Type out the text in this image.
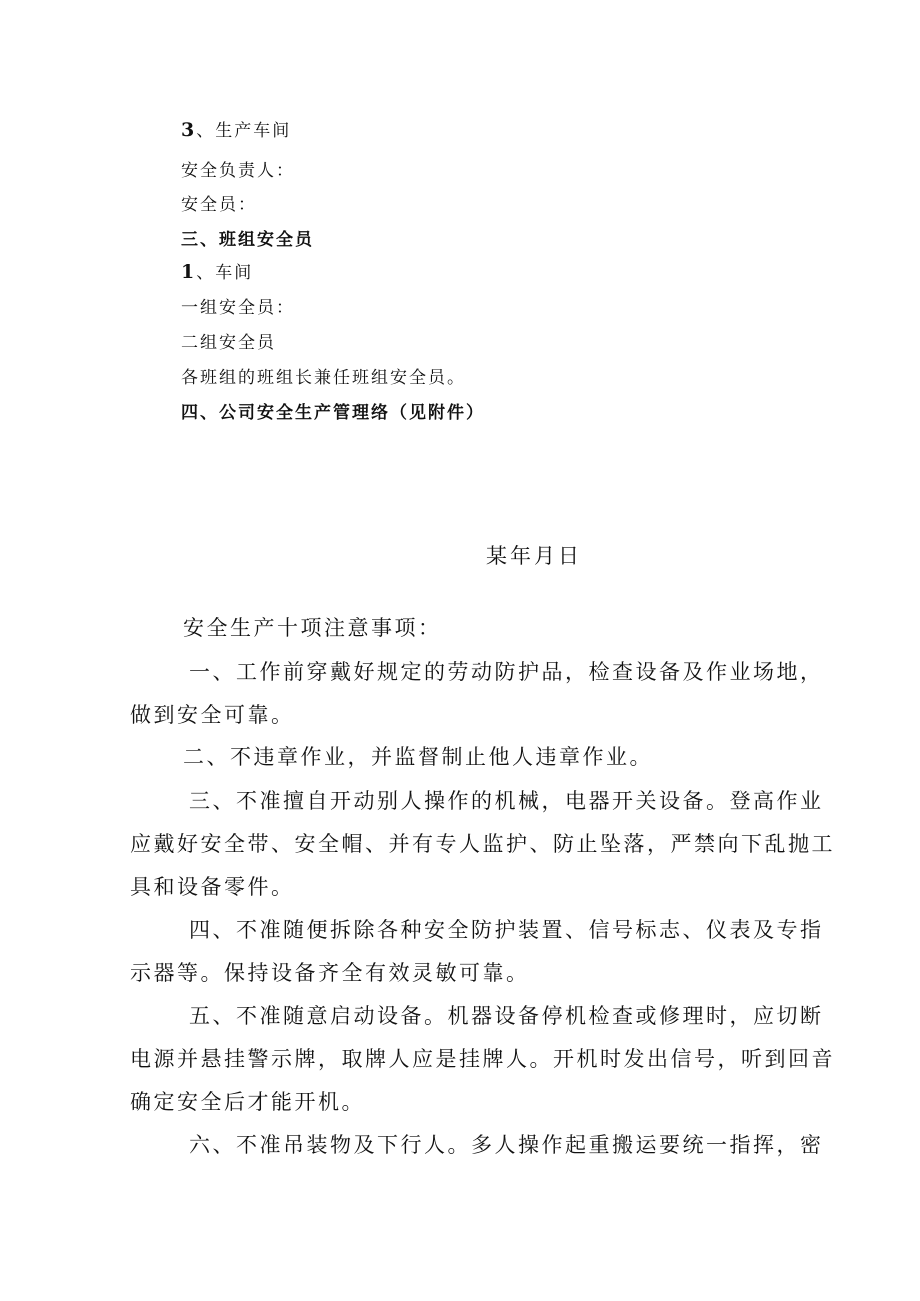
3、生产车间

安全负责人：

安全员：

三、班组安全员

1、车间

一组安全员：

二组安全员

各班组的班组长兼任班组安全员。

四、公司安全生产管理络（见附件）

某年月日

安全生产十项注意事项：

一、工作前穿戴好规定的劳动防护品，检查设备及作业场地，

做到安全可靠。

二、不违章作业，并监督制止他人违章作业。

三、不准擅自开动别人操作的机械，电器开关设备。登高作业

应戴好安全带、安全帽、并有专人监护、防止坠落，严禁向下乱抛工

具和设备零件。

四、不准随便拆除各种安全防护装置、信号标志、仪表及专指

示器等。保持设备齐全有效灵敏可靠。

五、不准随意启动设备。机器设备停机检查或修理时，应切断

电源并悬挂警示牌，取牌人应是挂牌人。开机时发出信号，听到回音

确定安全后才能开机。

六、不准吊装物及下行人。多人操作起重搬运要统一指挥，密
